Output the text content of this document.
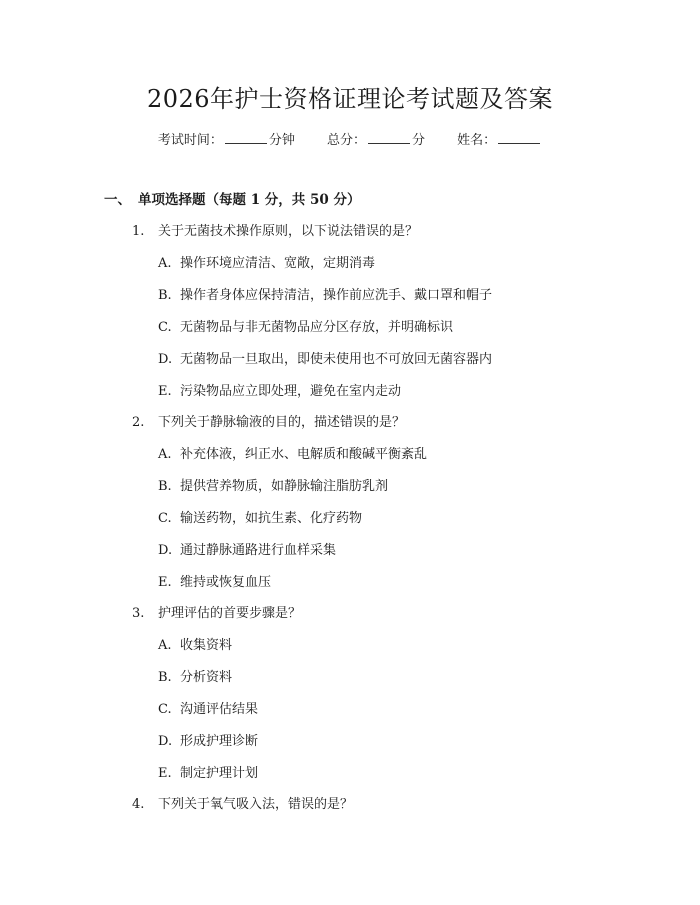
2026年护士资格证理论考试题及答案
考试时间：	分钟 总分：	分 姓名：
一、 单项选择题（每题 1 分，共 50 分）
1. 关于无菌技术操作原则，以下说法错误的是？
A. 操作环境应清洁、宽敞，定期消毒
B. 操作者身体应保持清洁，操作前应洗手、戴口罩和帽子
C. 无菌物品与非无菌物品应分区存放，并明确标识
D. 无菌物品一旦取出，即使未使用也不可放回无菌容器内
E. 污染物品应立即处理，避免在室内走动
2. 下列关于静脉输液的目的，描述错误的是？
A. 补充体液，纠正水、电解质和酸碱平衡紊乱
B. 提供营养物质，如静脉输注脂肪乳剂
C. 输送药物，如抗生素、化疗药物
D. 通过静脉通路进行血样采集
E. 维持或恢复血压
3. 护理评估的首要步骤是？
A. 收集资料
B. 分析资料
C. 沟通评估结果
D. 形成护理诊断
E. 制定护理计划
4. 下列关于氧气吸入法，错误的是？
